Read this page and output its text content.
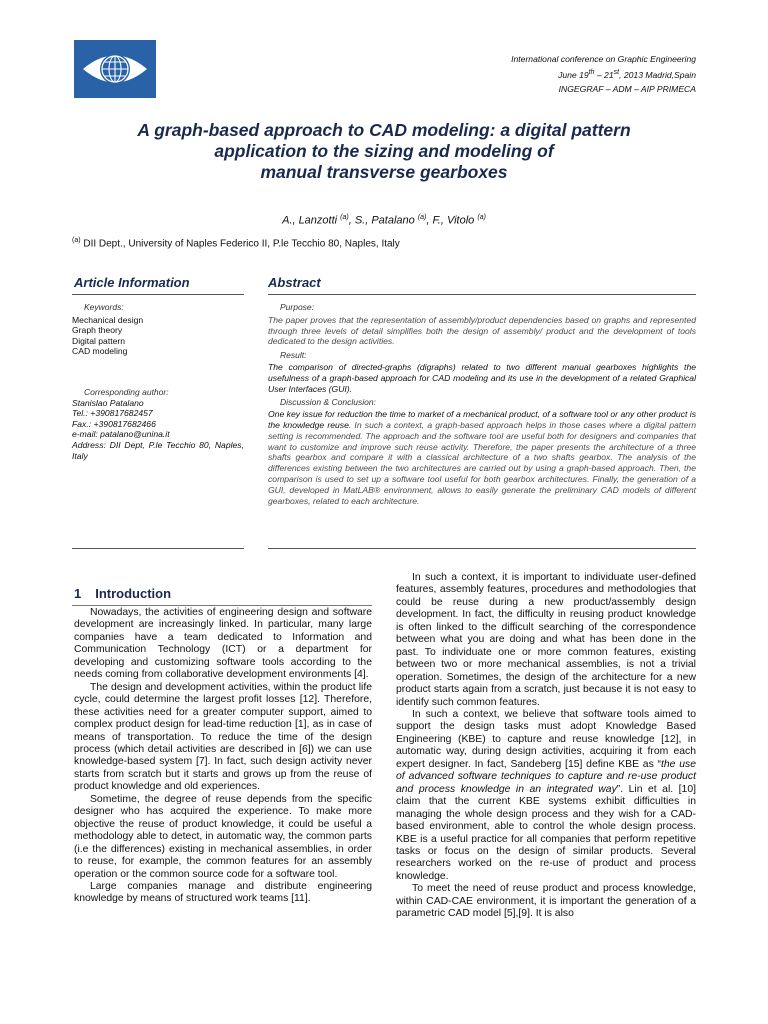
International conference on Graphic Engineering
June 19th – 21st, 2013 Madrid,Spain
INGEGRAF – ADM – AIP PRIMECA
A graph-based approach to CAD modeling: a digital pattern
application to the sizing and modeling of
manual transverse gearboxes
A., Lanzotti $^{(a)}$, S., Patalano $^{(a)}$, F., Vitolo $^{(a)}$
$^{(a)}$ DII Dept., University of Naples Federico II, P.le Tecchio 80, Naples, Italy
Article Information	Abstract
Keywords:
Mechanical design
Graph theory
Digital pattern
CAD modeling
Corresponding author:
Stanislao Patalano
Tel.: +390817682457
Fax.: +390817682466
e-mail: patalano@unina.it
Address: DII Dept, P.le Tecchio 80, Naples, Italy
Purpose:

The paper proves that the representation of assembly/product dependencies based on graphs and represented through three levels of detail simplifies both the design of assembly/ product and the development of tools dedicated to the design activities.

Result:

The comparison of directed-graphs (digraphs) related to two different manual gearboxes highlights the usefulness of a graph-based approach for CAD modeling and its use in the development of a related Graphical User Interfaces (GUI).

Discussion & Conclusion:

One key issue for reduction the time to market of a mechanical product, of a software tool or any other product is the knowledge reuse. In such a context, a graph-based approach helps in those cases where a digital pattern setting is recommended. The approach and the software tool are useful both for designers and companies that want to customize and improve such reuse activity. Therefore, the paper presents the architecture of a three shafts gearbox and compare it with a classical architecture of a two shafts gearbox. The analysis of the differences existing between the two architectures are carried out by using a graph-based approach. Then, the comparison is used to set up a software tool useful for both gearbox architectures. Finally, the generation of a GUI, developed in MatLAB® environment, allows to easily generate the preliminary CAD models of different gearboxes, related to each architecture.

1 Introduction

Nowadays, the activities of engineering design and software development are increasingly linked. In particular, many large companies have a team dedicated to Information and Communication Technology (ICT) or a department for developing and customizing software tools according to the needs coming from collaborative development environments [4].

The design and development activities, within the product life cycle, could determine the largest profit losses [12]. Therefore, these activities need for a greater computer support, aimed to complex product design for lead-time reduction [1], as in case of means of transportation. To reduce the time of the design process (which detail activities are described in [6]) we can use knowledge-based system [7]. In fact, such design activity never starts from scratch but it starts and grows up from the reuse of product knowledge and old experiences.

Sometime, the degree of reuse depends from the specific designer who has acquired the experience. To make more objective the reuse of product knowledge, it could be useful a methodology able to detect, in automatic way, the common parts (i.e the differences) existing in mechanical assemblies, in order to reuse, for example, the common features for an assembly operation or the common source code for a software tool.

Large companies manage and distribute engineering knowledge by means of structured work teams [11].

In such a context, it is important to individuate user-defined features, assembly features, procedures and methodologies that could be reuse during a new product/assembly design development. In fact, the difficulty in reusing product knowledge is often linked to the difficult searching of the correspondence between what you are doing and what has been done in the past. To individuate one or more common features, existing between two or more mechanical assemblies, is not a trivial operation. Sometimes, the design of the architecture for a new product starts again from a scratch, just because it is not easy to identify such common features.

In such a context, we believe that software tools aimed to support the design tasks must adopt Knowledge Based Engineering (KBE) to capture and reuse knowledge [12], in automatic way, during design activities, acquiring it from each expert designer. In fact, Sandeberg [15] define KBE as “the use of advanced software techniques to capture and re-use product and process knowledge in an integrated way”. Lin et al. [10] claim that the current KBE systems exhibit difficulties in managing the whole design process and they wish for a CAD-based environment, able to control the whole design process. KBE is a useful practice for all companies that perform repetitive tasks or focus on the design of similar products. Several researchers worked on the re-use of product and process knowledge.

To meet the need of reuse product and process knowledge, within CAD-CAE environment, it is important the generation of a parametric CAD model [5],[9]. It is also
